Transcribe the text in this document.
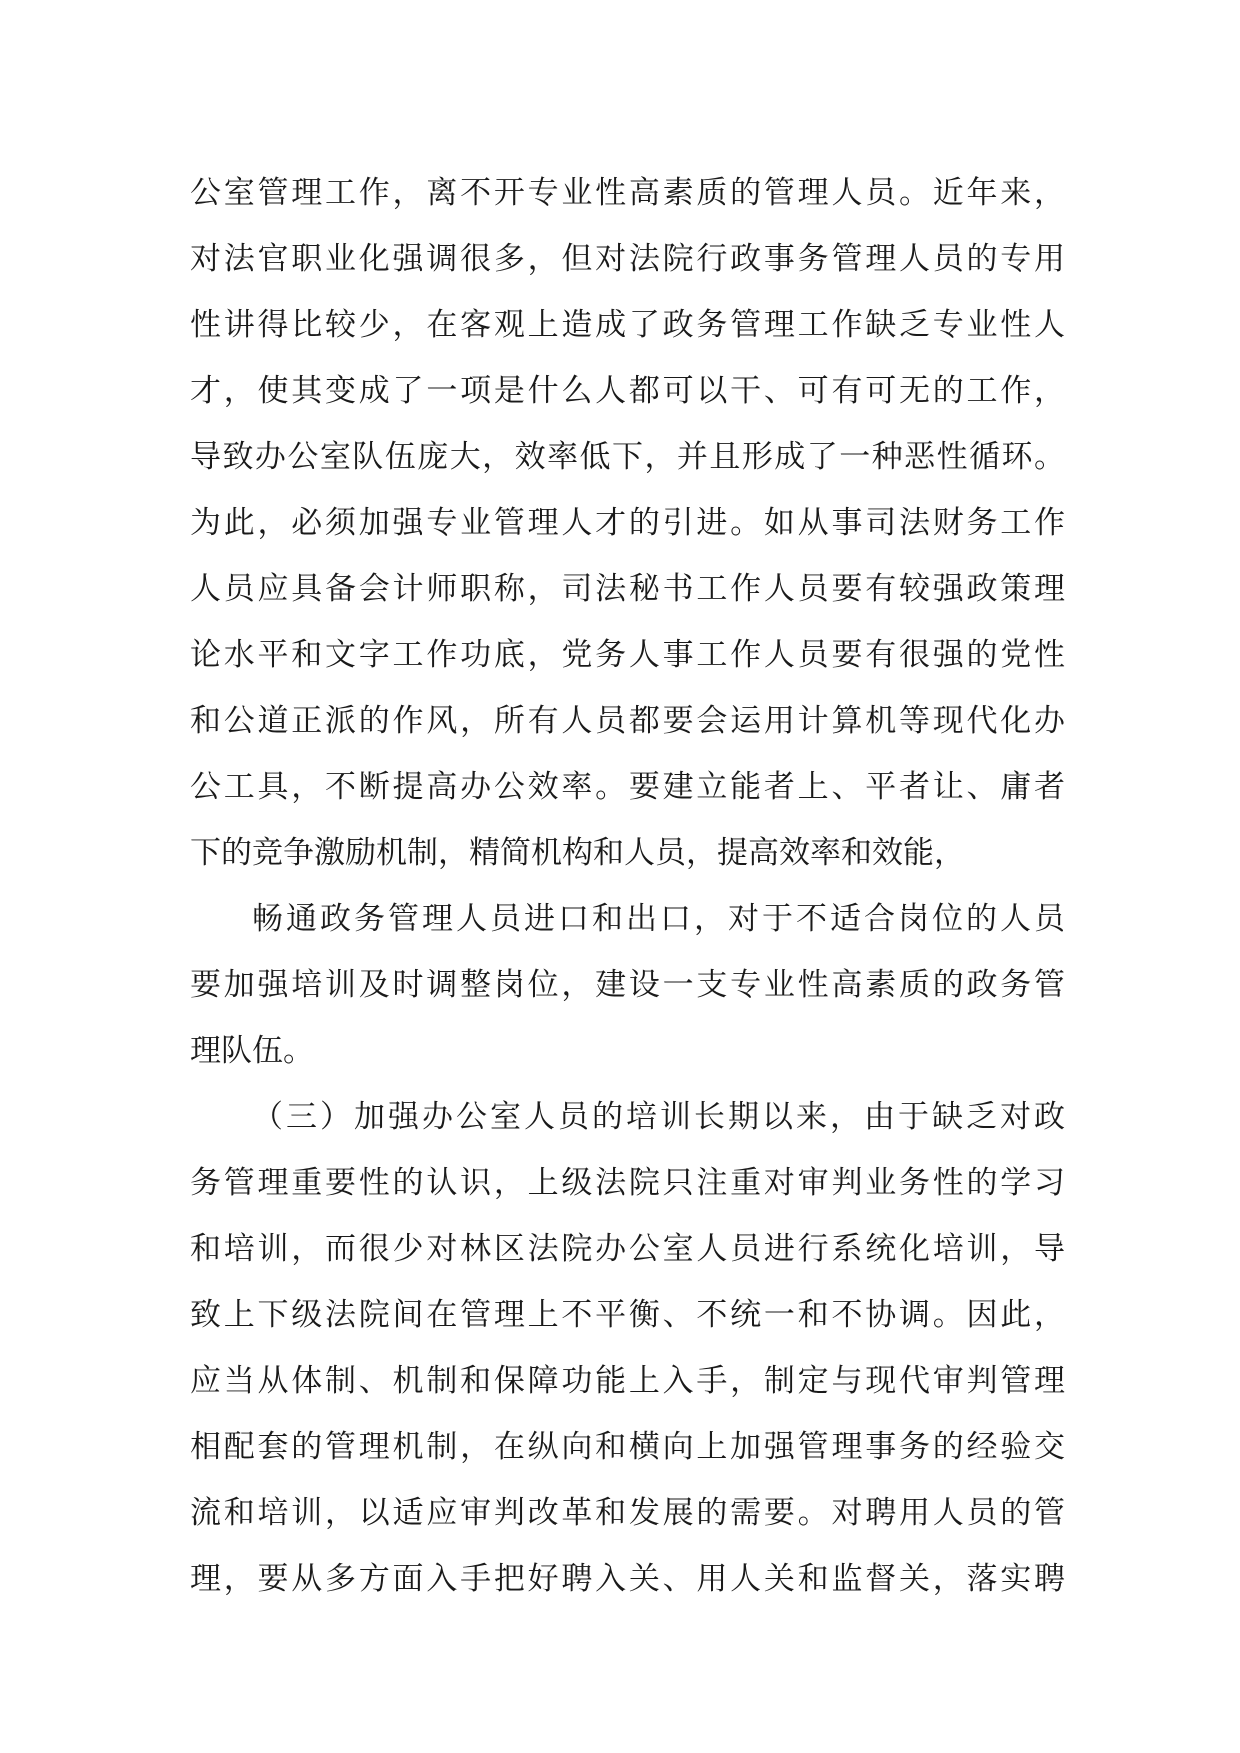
公室管理工作，离不开专业性高素质的管理人员。近年来，
对法官职业化强调很多，但对法院行政事务管理人员的专用
性讲得比较少，在客观上造成了政务管理工作缺乏专业性人
才，使其变成了一项是什么人都可以干、可有可无的工作，
导致办公室队伍庞大，效率低下，并且形成了一种恶性循环。
为此，必须加强专业管理人才的引进。如从事司法财务工作
人员应具备会计师职称，司法秘书工作人员要有较强政策理
论水平和文字工作功底，党务人事工作人员要有很强的党性
和公道正派的作风，所有人员都要会运用计算机等现代化办
公工具，不断提高办公效率。要建立能者上、平者让、庸者
下的竞争激励机制，精简机构和人员，提高效率和效能，
畅通政务管理人员进口和出口，对于不适合岗位的人员
要加强培训及时调整岗位，建设一支专业性高素质的政务管
理队伍。
（三）加强办公室人员的培训长期以来，由于缺乏对政
务管理重要性的认识，上级法院只注重对审判业务性的学习
和培训，而很少对林区法院办公室人员进行系统化培训，导
致上下级法院间在管理上不平衡、不统一和不协调。因此，
应当从体制、机制和保障功能上入手，制定与现代审判管理
相配套的管理机制，在纵向和横向上加强管理事务的经验交
流和培训，以适应审判改革和发展的需要。对聘用人员的管
理，要从多方面入手把好聘入关、用人关和监督关，落实聘
